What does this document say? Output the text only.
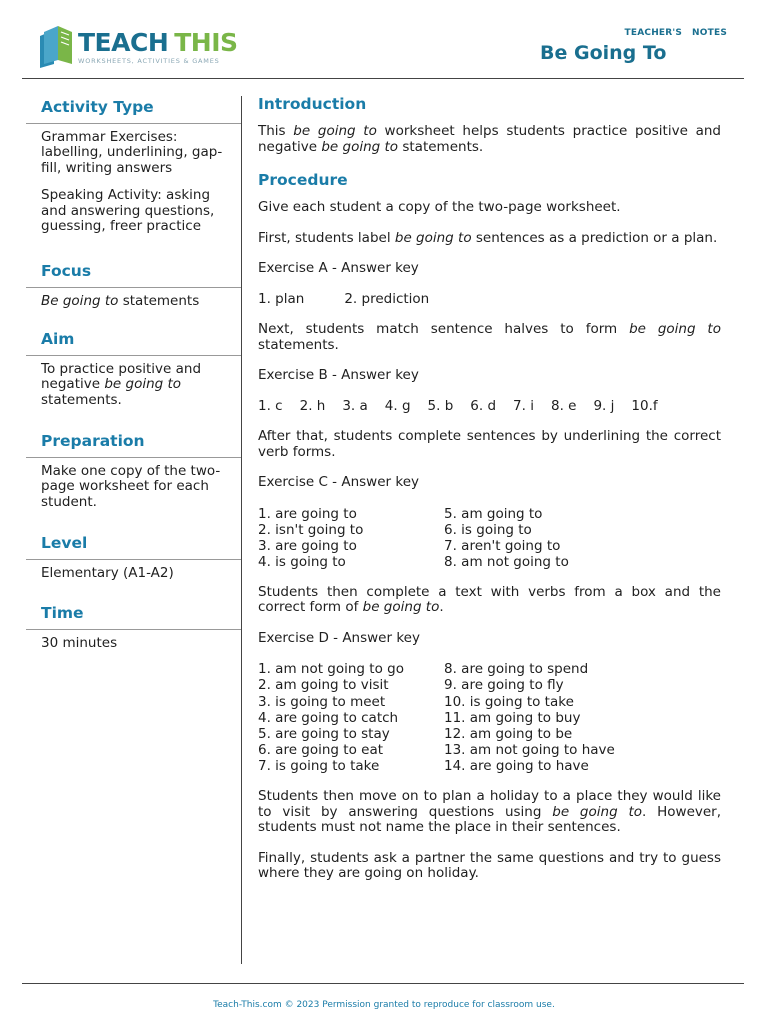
TEACH THIS
WORKSHEETS, ACTIVITIES & GAMES
TEACHER'S NOTES
Be Going To
Activity Type

Grammar Exercises: labelling, underlining, gap-fill, writing answers

Speaking Activity: asking and answering questions, guessing, freer practice

Focus
Be going to statements
Aim
To practice positive and negative be going to statements.
Preparation
Make one copy of the two-page worksheet for each student.
Level
Elementary (A1-A2)
Time
30 minutes
Introduction

This be going to worksheet helps students practice positive and negative be going to statements.

Procedure

Give each student a copy of the two-page worksheet.

First, students label be going to sentences as a prediction or a plan.

Exercise A - Answer key

1. plan	2. prediction

Next, students match sentence halves to form be going to statements.

Exercise B - Answer key

1. c 2. h 3. a 4. g 5. b 6. d 7. i 8. e 9. j 10.f

After that, students complete sentences by underlining the correct verb forms.

Exercise C - Answer key

1. are going to	5. am going to
2. isn't going to	6. is going to
3. are going to	7. aren't going to
4. is going to	8. am not going to

Students then complete a text with verbs from a box and the correct form of be going to.

Exercise D - Answer key

1. am not going to go	8. are going to spend
2. am going to visit	9. are going to fly
3. is going to meet	10. is going to take
4. are going to catch	11. am going to buy
5. are going to stay	12. am going to be
6. are going to eat	13. am not going to have
7. is going to take	14. are going to have

Students then move on to plan a holiday to a place they would like to visit by answering questions using be going to. However, students must not name the place in their sentences.

Finally, students ask a partner the same questions and try to guess where they are going on holiday.

Teach-This.com © 2023 Permission granted to reproduce for classroom use.
